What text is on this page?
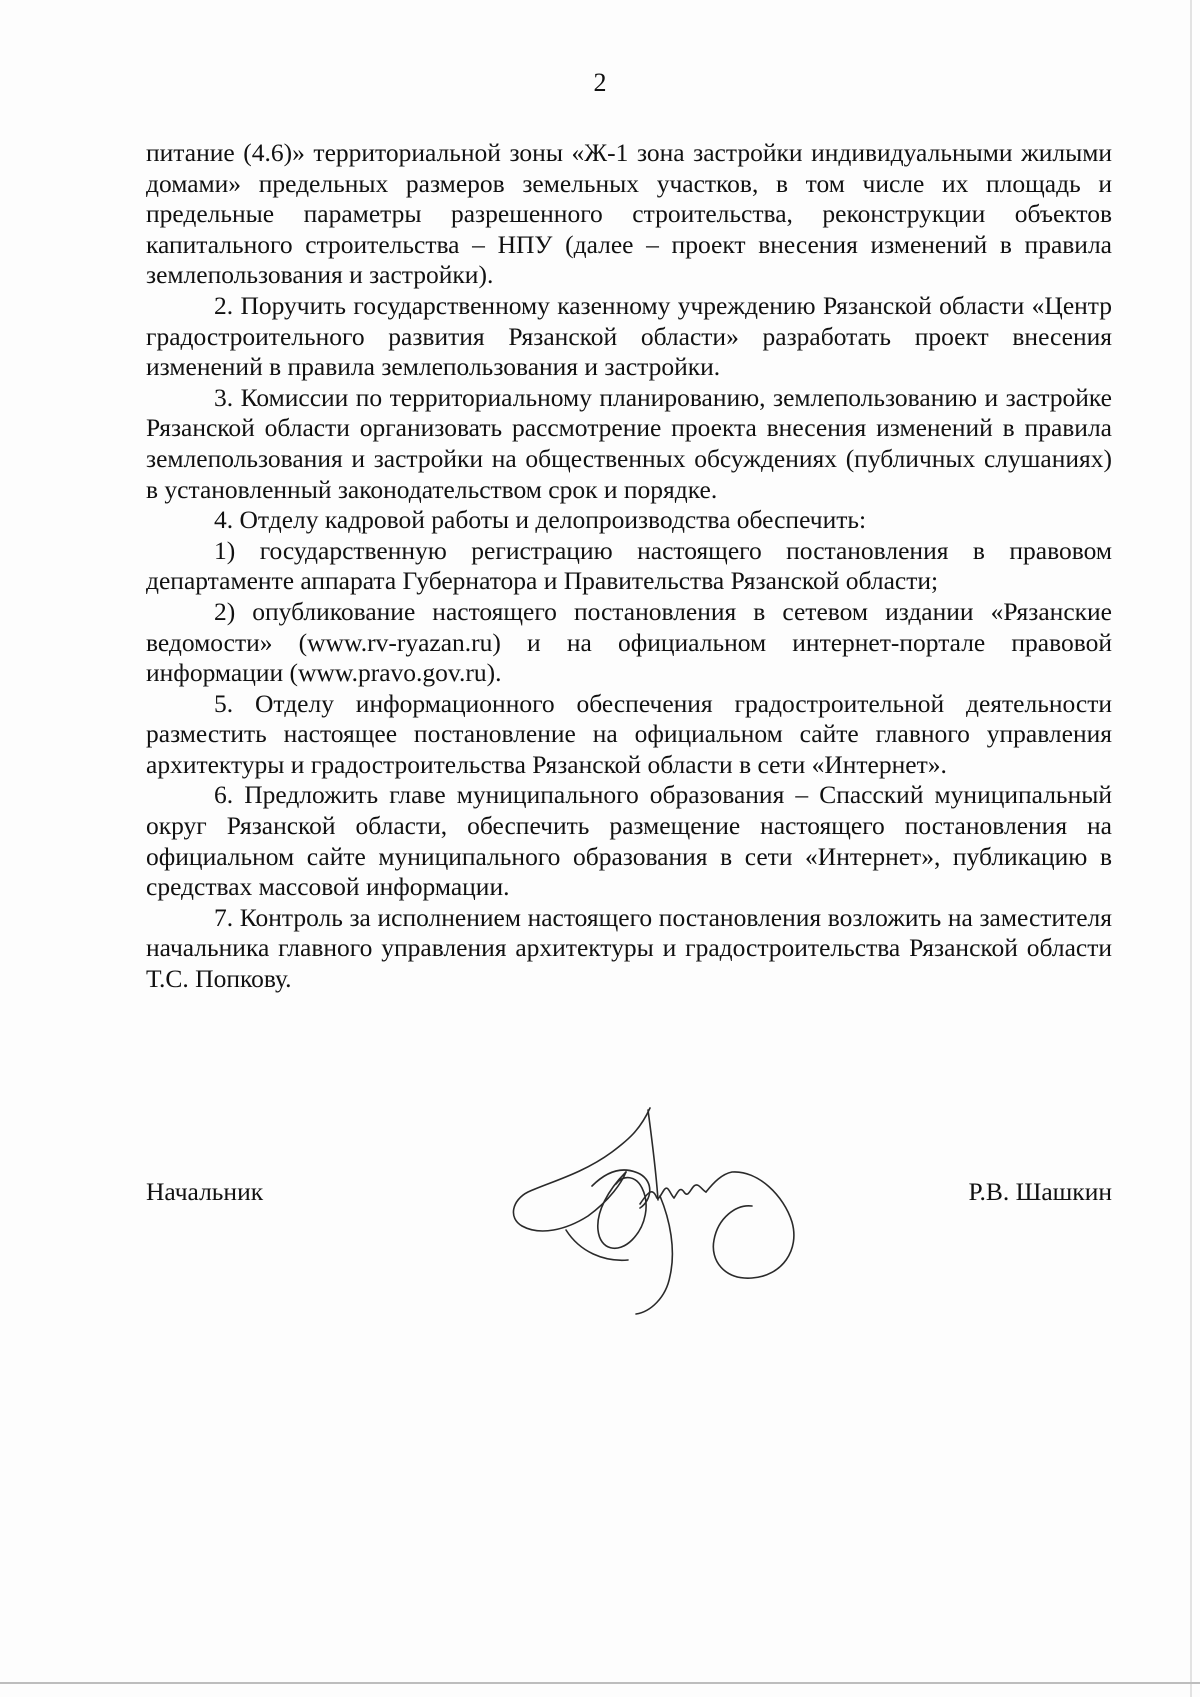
2

питание (4.6)» территориальной зоны «Ж-1 зона застройки индивидуальными жилыми домами» предельных размеров земельных участков, в том числе их площадь и предельные параметры разрешенного строительства, реконструкции объектов капитального строительства – НПУ (далее – проект внесения изменений в правила землепользования и застройки).

2. Поручить государственному казенному учреждению Рязанской области «Центр градостроительного развития Рязанской области» разработать проект внесения изменений в правила землепользования и застройки.

3. Комиссии по территориальному планированию, землепользованию и застройке Рязанской области организовать рассмотрение проекта внесения изменений в правила землепользования и застройки на общественных обсуждениях (публичных слушаниях) в установленный законодательством срок и порядке.

4. Отделу кадровой работы и делопроизводства обеспечить:

1) государственную регистрацию настоящего постановления в правовом департаменте аппарата Губернатора и Правительства Рязанской области;

2) опубликование настоящего постановления в сетевом издании «Рязанские ведомости» (www.rv-ryazan.ru) и на официальном интернет-портале правовой информации (www.pravo.gov.ru).

5. Отделу информационного обеспечения градостроительной деятельности разместить настоящее постановление на официальном сайте главного управления архитектуры и градостроительства Рязанской области в сети «Интернет».

6. Предложить главе муниципального образования – Спасский муниципальный округ Рязанской области, обеспечить размещение настоящего постановления на официальном сайте муниципального образования в сети «Интернет», публикацию в средствах массовой информации.

7. Контроль за исполнением настоящего постановления возложить на заместителя начальника главного управления архитектуры и градостроительства Рязанской области Т.С. Попкову.

Начальник	Р.В. Шашкин
